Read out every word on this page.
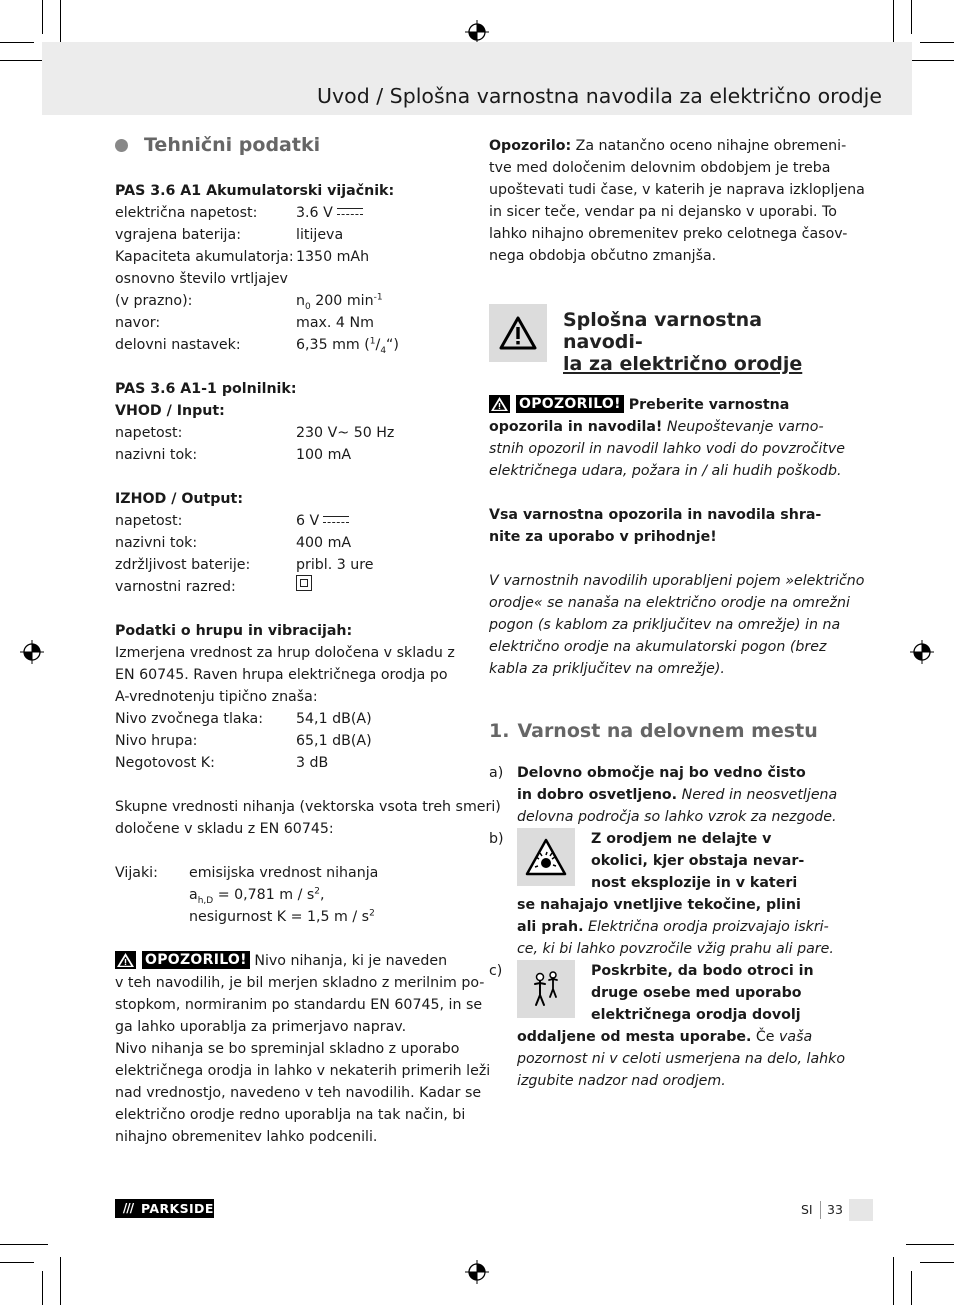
Uvod / Splošna varnostna navodila za električno orodje
Tehnični podatki
PAS 3.6 A1 Akumulatorski vijačnik:
električna napetost:	3.6 V
vgrajena baterija:	litijeva
Kapaciteta akumulatorja: 1350 mAh
osnovno število vrtljajev
(v prazno):	$n_0$ 200 $\min^{-1}$
navor:	max. 4 Nm
delovni nastavek:	6,35 mm $(^1/_4“)$
PAS 3.6 A1-1 polnilnik:
VHOD / Input:
napetost:	230 V~ 50 Hz
nazivni tok:	100 mA
IZHOD / Output:
napetost:	6 V
nazivni tok:	400 mA
zdržljivost baterije:	pribl. 3 ure
varnostni razred:
Podatki o hrupu in vibracijah:
Izmerjena vrednost za hrup določena v skladu z
EN 60745. Raven hrupa električnega orodja po
A-vrednotenju tipično znaša:
Nivo zvočnega tlaka:	54,1 dB(A)
Nivo hrupa:	65,1 dB(A)
Negotovost K:	3 dB
Skupne vrednosti nihanja (vektorska vsota treh smeri)
določene v skladu z EN 60745:
Vijaki:	emisijska vrednost nihanja
$a_{h,D} = 0,781$ m / $s^2$,
nesigurnost K = 1,5 m / $s^2$
OPOZORILO! Nivo nihanja, ki je naveden
v teh navodilih, je bil merjen skladno z merilnim po-
stopkom, normiranim po standardu EN 60745, in se
ga lahko uporablja za primerjavo naprav.
Nivo nihanja se bo spreminjal skladno z uporabo
električnega orodja in lahko v nekaterih primerih leži
nad vrednostjo, navedeno v teh navodilih. Kadar se
električno orodje redno uporablja na tak način, bi
nihajno obremenitev lahko podcenili.
Opozorilo: Za natančno oceno nihajne obremeni-
tve med določenim delovnim obdobjem je treba
upoštevati tudi čase, v katerih je naprava izklopljena
in sicer teče, vendar pa ni dejansko v uporabi. To
lahko nihajno obremenitev preko celotnega časov-
nega obdobja občutno zmanjša.
Splošna varnostna navodi-
la za električno orodje
OPOZORILO! Preberite varnostna
opozorila in navodila! Neupoštevanje varno-
stnih opozoril in navodil lahko vodi do povzročitve
električnega udara, požara in / ali hudih poškodb.
Vsa varnostna opozorila in navodila shra-
nite za uporabo v prihodnje!
V varnostnih navodilih uporabljeni pojem »električno
orodje« se nanaša na električno orodje na omrežni
pogon (s kablom za priključitev na omrežje) in na
električno orodje na akumulatorski pogon (brez
kabla za priključitev na omrežje).
1. Varnost na delovnem mestu
a) Delovno območje naj bo vedno čisto
in dobro osvetljeno. Nered in neosvetljena
delovna področja so lahko vzrok za nezgode.
b)	Z orodjem ne delajte v
okolici, kjer obstaja nevar-
nost eksplozije in v kateri
se nahajajo vnetljive tekočine, plini
ali prah. Električna orodja proizvajajo iskri-
ce, ki bi lahko povzročile vžig prahu ali pare.
c)	Poskrbite, da bodo otroci in
druge osebe med uporabo
električnega orodja dovolj
oddaljene od mesta uporabe. Če vaša
pozornost ni v celoti usmerjena na delo, lahko
izgubite nadzor nad orodjem.
/// PARKSIDE	SI 33
